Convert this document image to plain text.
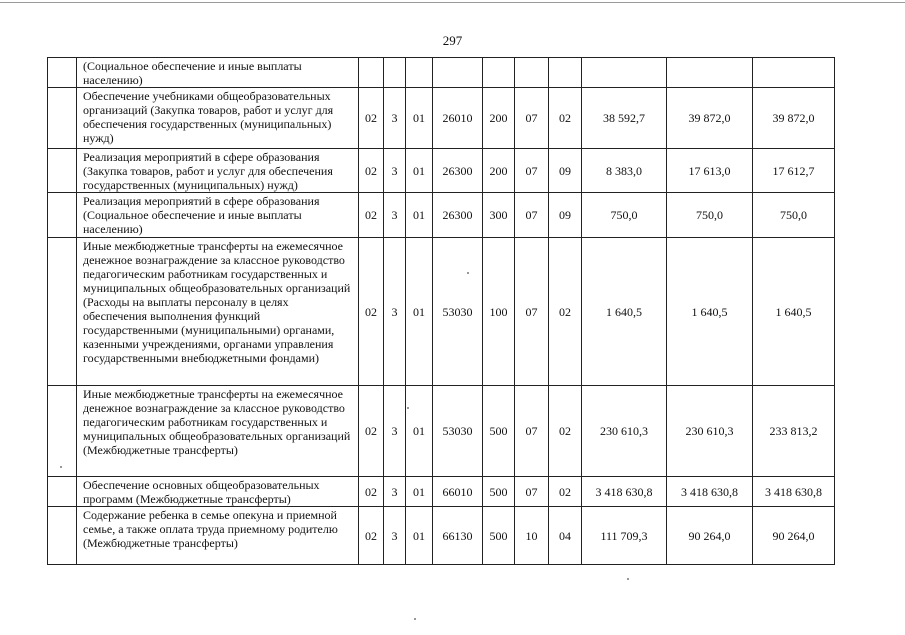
297
	(Социальное обеспечение и иные выплаты населению)										
	Обеспечение учебниками общеобразовательных организаций (Закупка товаров, работ и услуг для обеспечения государственных (муниципальных) нужд)	02	3	01	26010	200	07	02	38 592,7	39 872,0	39 872,0
	Реализация мероприятий в сфере образования (Закупка товаров, работ и услуг для обеспечения государственных (муниципальных) нужд)	02	3	01	26300	200	07	09	8 383,0	17 613,0	17 612,7
	Реализация мероприятий в сфере образования (Социальное обеспечение и иные выплаты населению)	02	3	01	26300	300	07	09	750,0	750,0	750,0
	Иные межбюджетные трансферты на ежемесячное денежное вознаграждение за классное руководство педагогическим работникам государственных и муниципальных общеобразовательных организаций (Расходы на выплаты персоналу в целях обеспечения выполнения функций государственными (муниципальными) органами, казенными учреждениями, органами управления государственными внебюджетными фондами)	02	3	01	53030	100	07	02	1 640,5	1 640,5	1 640,5
	Иные межбюджетные трансферты на ежемесячное денежное вознаграждение за классное руководство педагогическим работникам государственных и муниципальных общеобразовательных организаций (Межбюджетные трансферты)	02	3	01	53030	500	07	02	230 610,3	230 610,3	233 813,2
	Обеспечение основных общеобразовательных программ (Межбюджетные трансферты)	02	3	01	66010	500	07	02	3 418 630,8	3 418 630,8	3 418 630,8
	Содержание ребенка в семье опекуна и приемной семье, а также оплата труда приемному родителю (Межбюджетные трансферты)	02	3	01	66130	500	10	04	111 709,3	90 264,0	90 264,0
